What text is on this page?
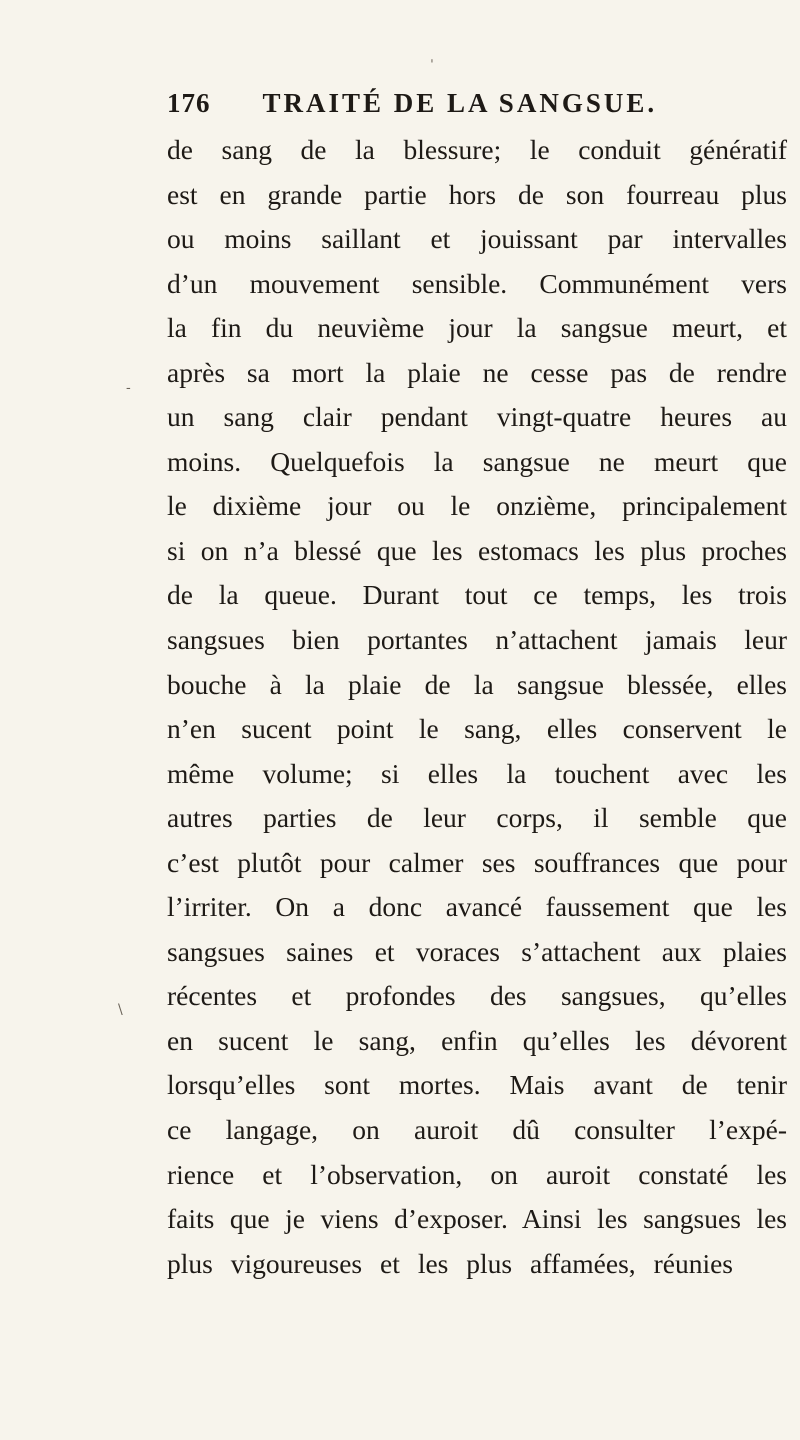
ˈ
-
\
176 TRAITÉ DE LA SANGSUE.
de sang de la blessure; le conduit génératif
est en grande partie hors de son fourreau plus
ou moins saillant et jouissant par intervalles
d’un mouvement sensible. Communément vers
la fin du neuvième jour la sangsue meurt, et
après sa mort la plaie ne cesse pas de rendre
un sang clair pendant vingt-quatre heures au
moins. Quelquefois la sangsue ne meurt que
le dixième jour ou le onzième, principalement
si on n’a blessé que les estomacs les plus proches
de la queue. Durant tout ce temps, les trois
sangsues bien portantes n’attachent jamais leur
bouche à la plaie de la sangsue blessée, elles
n’en sucent point le sang, elles conservent le
même volume; si elles la touchent avec les
autres parties de leur corps, il semble que
c’est plutôt pour calmer ses souffrances que pour
l’irriter. On a donc avancé faussement que les
sangsues saines et voraces s’attachent aux plaies
récentes et profondes des sangsues, qu’elles
en sucent le sang, enfin qu’elles les dévorent
lorsqu’elles sont mortes. Mais avant de tenir
ce langage, on auroit dû consulter l’expé-
rience et l’observation, on auroit constaté les
faits que je viens d’exposer. Ainsi les sangsues les
plus vigoureuses et les plus affamées, réunies
